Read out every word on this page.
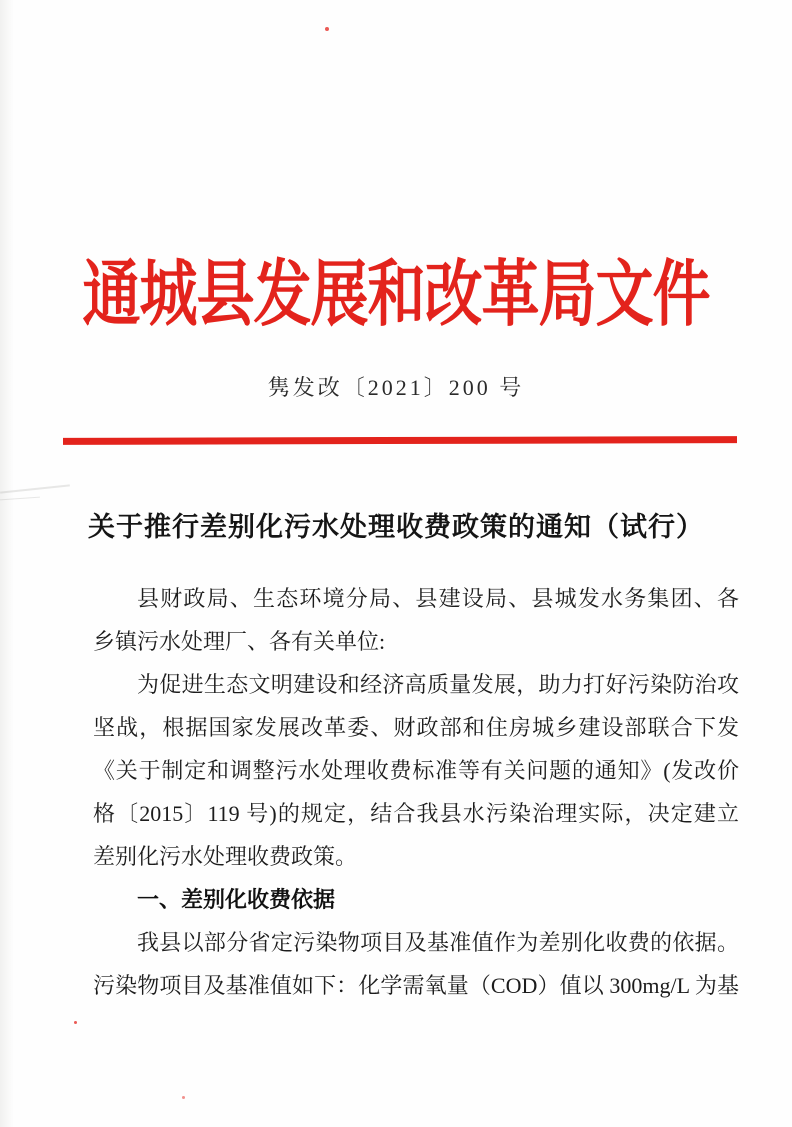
通城县发展和改革局文件
隽发改〔2021〕200 号
关于推行差别化污水处理收费政策的通知（试行）
县财政局、生态环境分局、县建设局、县城发水务集团、各
乡镇污水处理厂、各有关单位:
为促进生态文明建设和经济高质量发展，助力打好污染防治攻
坚战，根据国家发展改革委、财政部和住房城乡建设部联合下发
《关于制定和调整污水处理收费标准等有关问题的通知》(发改价
格〔2015〕119 号)的规定，结合我县水污染治理实际，决定建立
差别化污水处理收费政策。
一、差别化收费依据
我县以部分省定污染物项目及基准值作为差别化收费的依据。
污染物项目及基准值如下：化学需氧量（COD）值以 300mg/L 为基
